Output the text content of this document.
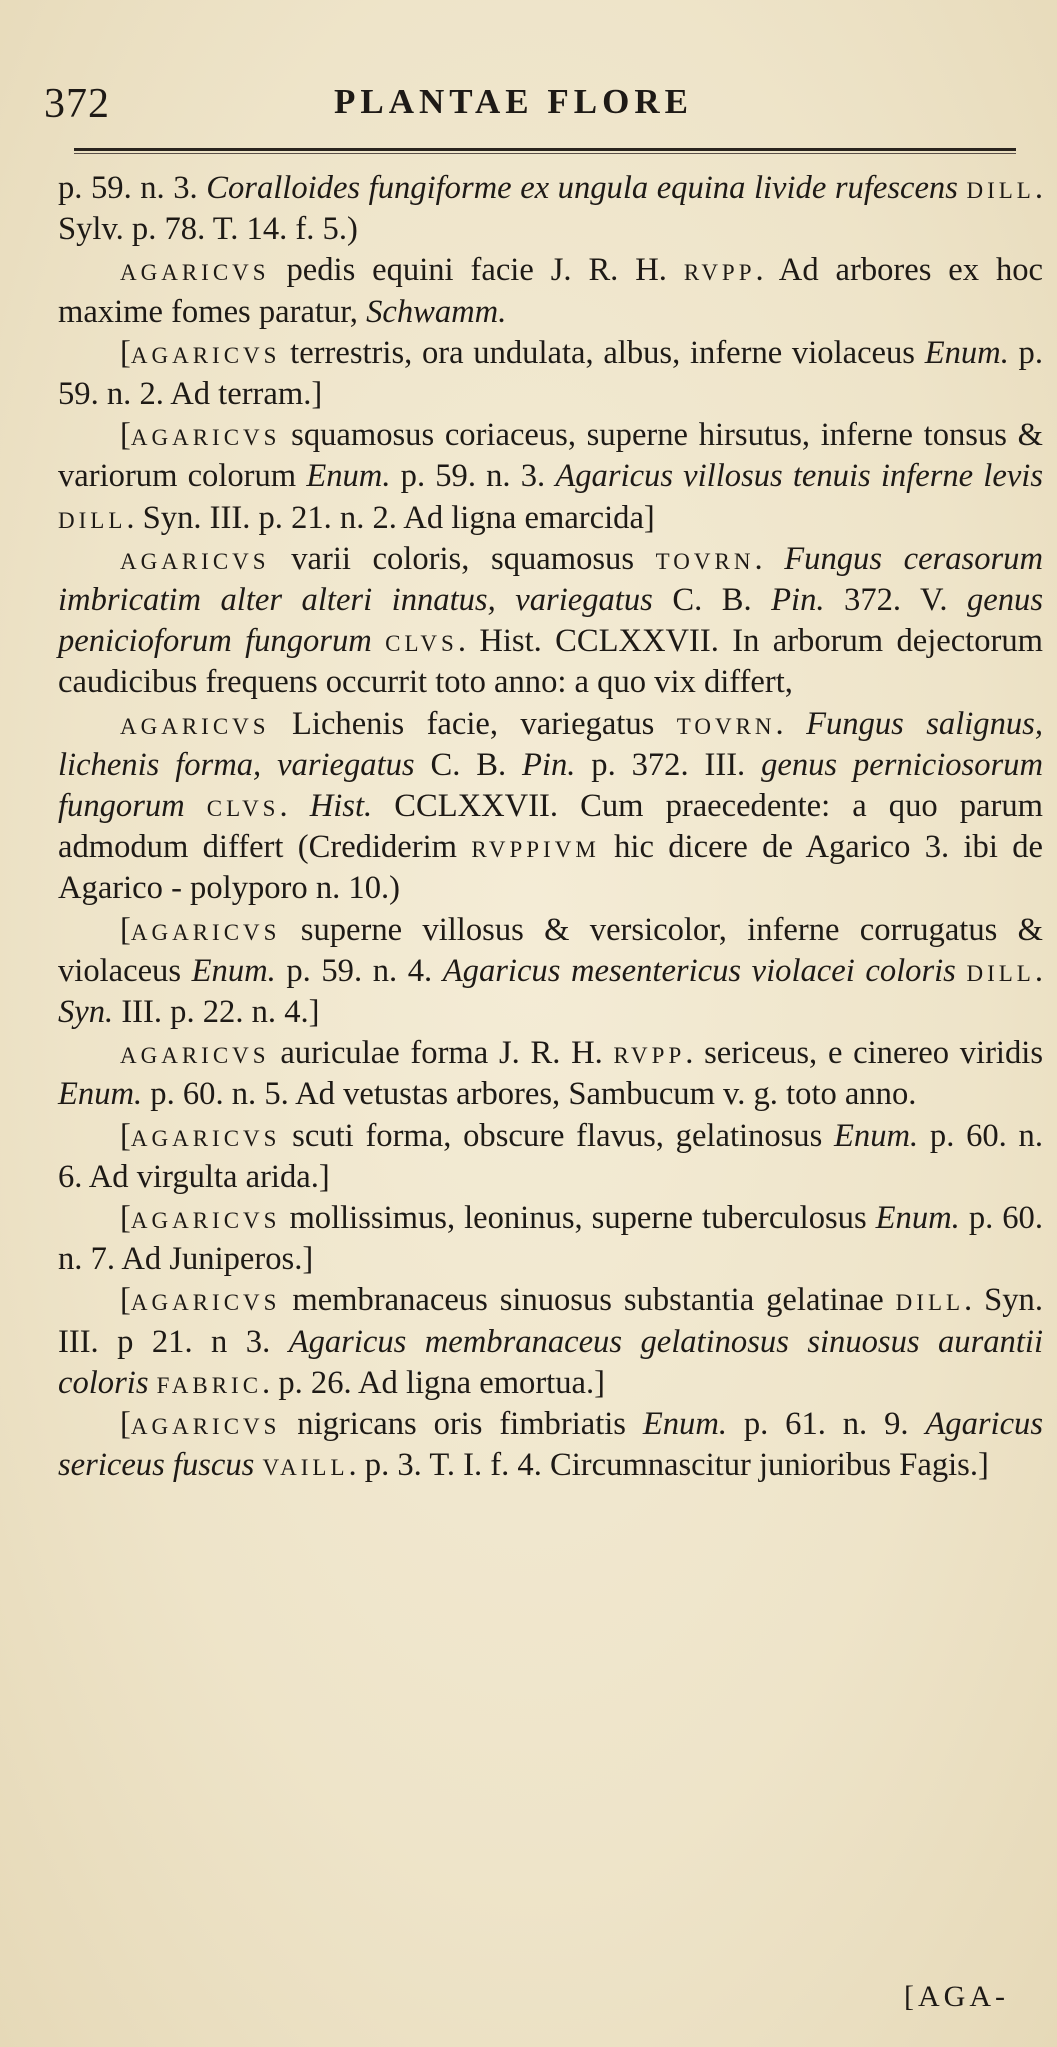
372	PLANTAE FLORE

p. 59. n. 3. Coralloides fungiforme ex ungula equina livide rufescens dill. Sylv. p. 78. T. 14. f. 5.)

agaricvs pedis equini facie J. R. H. rvpp. Ad arbores ex hoc maxime fomes paratur, Schwamm.

[agaricvs terrestris, ora undulata, albus, inferne violaceus Enum. p. 59. n. 2. Ad terram.]

[agaricvs squamosus coriaceus, superne hirsutus, inferne tonsus & variorum colorum Enum. p. 59. n. 3. Agaricus villosus tenuis inferne levis dill. Syn. III. p. 21. n. 2. Ad ligna emarcida]

agaricvs varii coloris, squamosus tovrn. Fungus cerasorum imbricatim alter alteri innatus, variegatus C. B. Pin. 372. V. genus penicioforum fungorum clvs. Hist. CCLXXVII. In arborum dejectorum caudicibus frequens occurrit toto anno: a quo vix differt,

agaricvs Lichenis facie, variegatus tovrn. Fungus salignus, lichenis forma, variegatus C. B. Pin. p. 372. III. genus perniciosorum fungorum clvs. Hist. CCLXXVII. Cum praecedente: a quo parum admodum differt (Crediderim rvppivm hic dicere de Agarico 3. ibi de Agarico - polyporo n. 10.)

[agaricvs superne villosus & versicolor, inferne corrugatus & violaceus Enum. p. 59. n. 4. Agaricus mesentericus violacei coloris dill. Syn. III. p. 22. n. 4.]

agaricvs auriculae forma J. R. H. rvpp. sericeus, e cinereo viridis Enum. p. 60. n. 5. Ad vetustas arbores, Sambucum v. g. toto anno.

[agaricvs scuti forma, obscure flavus, gelatinosus Enum. p. 60. n. 6. Ad virgulta arida.]

[agaricvs mollissimus, leoninus, superne tuberculosus Enum. p. 60. n. 7. Ad Juniperos.]

[agaricvs membranaceus sinuosus substantia gelatinae dill. Syn. III. p 21. n 3. Agaricus membranaceus gelatinosus sinuosus aurantii coloris fabric. p. 26. Ad ligna emortua.]

[agaricvs nigricans oris fimbriatis Enum. p. 61. n. 9. Agaricus sericeus fuscus vaill. p. 3. T. I. f. 4. Circumnascitur junioribus Fagis.]

[AGA-
